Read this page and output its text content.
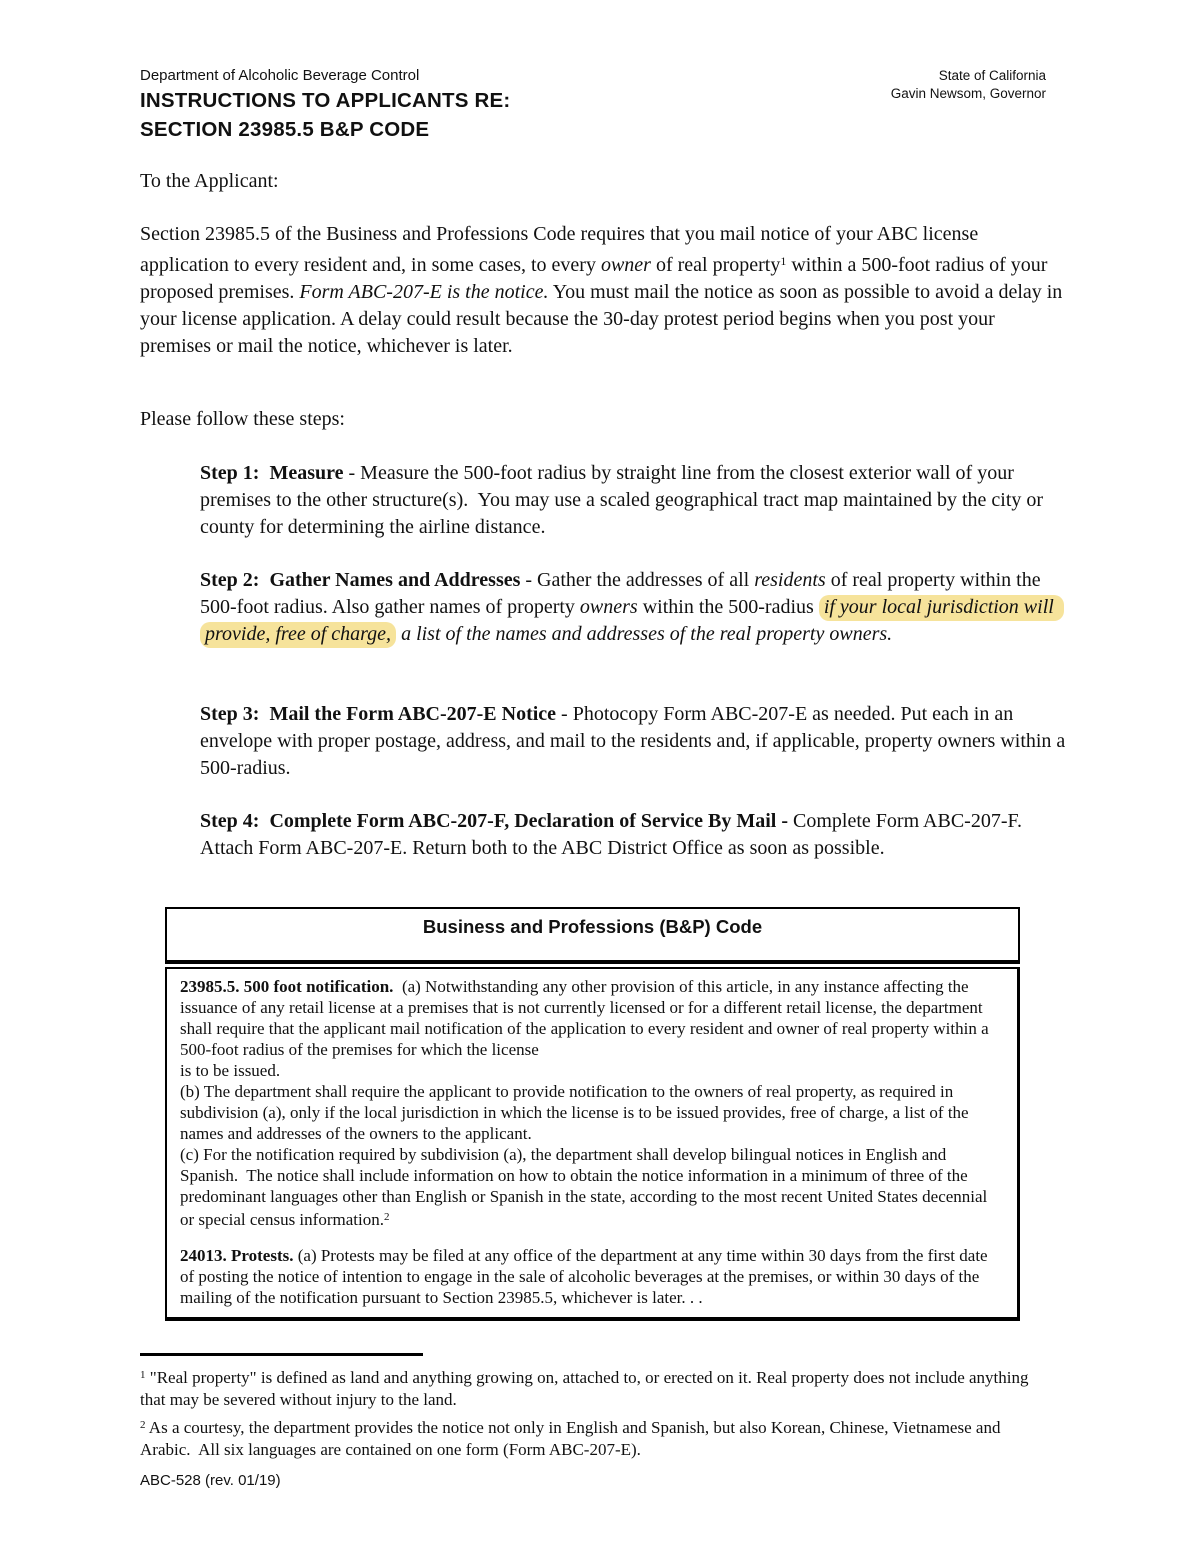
Department of Alcoholic Beverage Control
INSTRUCTIONS TO APPLICANTS RE:
SECTION 23985.5 B&P CODE
State of California
Gavin Newsom, Governor
To the Applicant:
Section 23985.5 of the Business and Professions Code requires that you mail notice of your ABC license application to every resident and, in some cases, to every owner of real property$^1$ within a 500-foot radius of your proposed premises. Form ABC-207-E is the notice. You must mail the notice as soon as possible to avoid a delay in your license application. A delay could result because the 30-day protest period begins when you post your premises or mail the notice, whichever is later.
Please follow these steps:
Step 1:  Measure - Measure the 500-foot radius by straight line from the closest exterior wall of your premises to the other structure(s).  You may use a scaled geographical tract map maintained by the city or county for determining the airline distance.
Step 2:  Gather Names and Addresses - Gather the addresses of all residents of real property within the 500-foot radius. Also gather names of property owners within the 500-radius if your local jurisdiction will provide, free of charge, a list of the names and addresses of the real property owners.
Step 3:  Mail the Form ABC-207-E Notice - Photocopy Form ABC-207-E as needed. Put each in an envelope with proper postage, address, and mail to the residents and, if applicable, property owners within a 500-radius.
Step 4:  Complete Form ABC-207-F, Declaration of Service By Mail - Complete Form ABC-207-F. Attach Form ABC-207-E. Return both to the ABC District Office as soon as possible.
Business and Professions (B&P) Code
23985.5. 500 foot notification.  (a) Notwithstanding any other provision of this article, in any instance affecting the issuance of any retail license at a premises that is not currently licensed or for a different retail license, the department shall require that the applicant mail notification of the application to every resident and owner of real property within a 500-foot radius of the premises for which the license
is to be issued.
(b) The department shall require the applicant to provide notification to the owners of real property, as required in subdivision (a), only if the local jurisdiction in which the license is to be issued provides, free of charge, a list of the names and addresses of the owners to the applicant.
(c) For the notification required by subdivision (a), the department shall develop bilingual notices in English and Spanish.  The notice shall include information on how to obtain the notice information in a minimum of three of the predominant languages other than English or Spanish in the state, according to the most recent United States decennial or special census information.$^2$
24013. Protests. (a) Protests may be filed at any office of the department at any time within 30 days from the first date of posting the notice of intention to engage in the sale of alcoholic beverages at the premises, or within 30 days of the mailing of the notification pursuant to Section 23985.5, whichever is later. . .
$^1$ "Real property" is defined as land and anything growing on, attached to, or erected on it. Real property does not include anything that may be severed without injury to the land.
$^2$ As a courtesy, the department provides the notice not only in English and Spanish, but also Korean, Chinese, Vietnamese and Arabic.  All six languages are contained on one form (Form ABC-207-E).
ABC-528 (rev. 01/19)
